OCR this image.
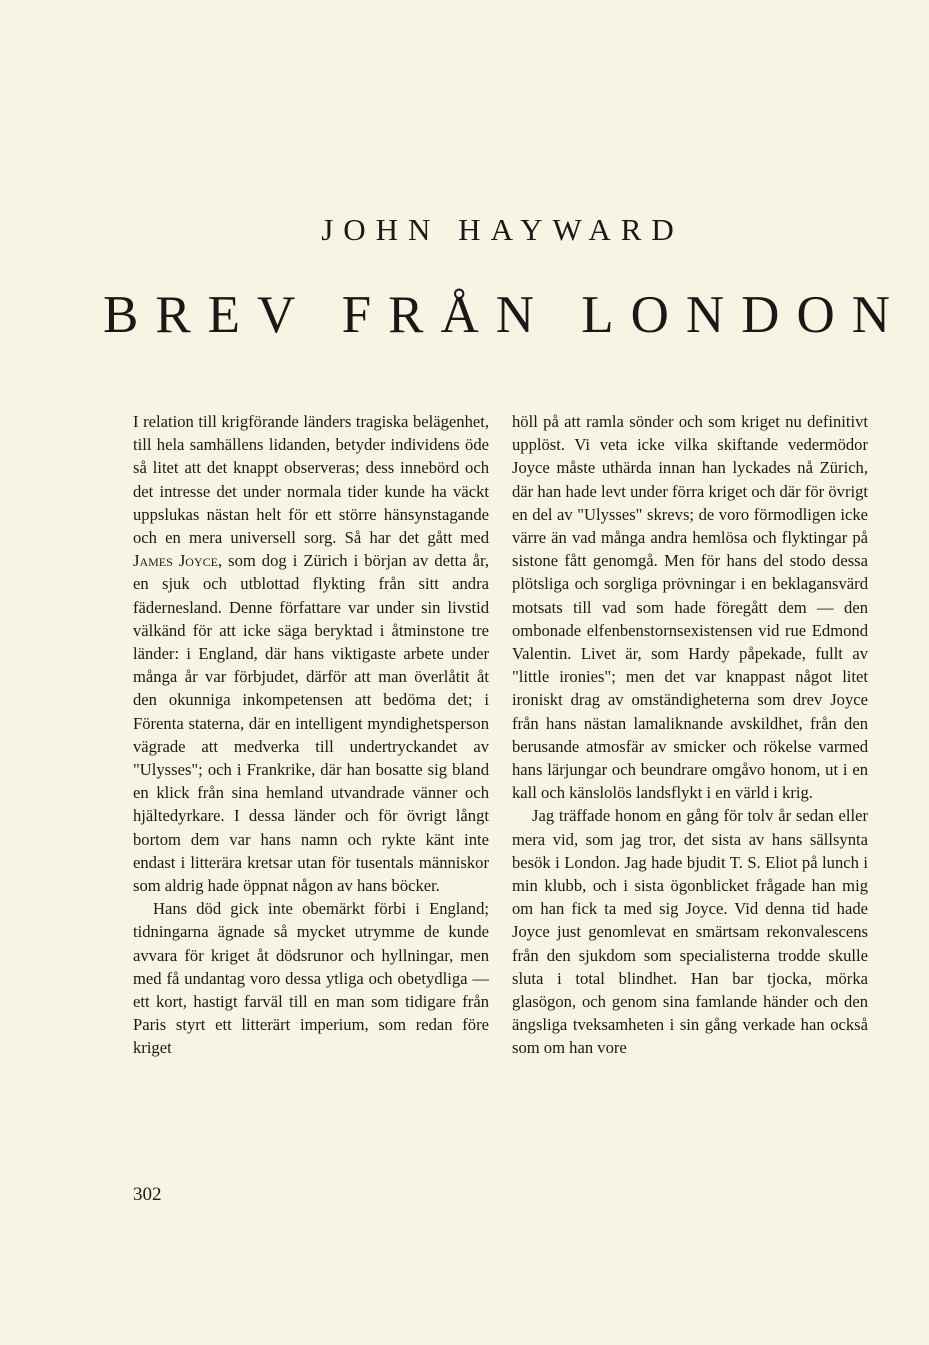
JOHN HAYWARD
BREV FRÅN LONDON

I relation till krigförande länders tragiska belägenhet, till hela samhällens lidanden, betyder individens öde så litet att det knappt observeras; dess innebörd och det intresse det under normala tider kunde ha väckt uppslukas nästan helt för ett större hänsynstagande och en mera universell sorg. Så har det gått med James Joyce, som dog i Zürich i början av detta år, en sjuk och utblottad flykting från sitt andra fädernesland. Denne författare var under sin livstid välkänd för att icke säga beryktad i åtminstone tre länder: i England, där hans viktigaste arbete under många år var förbjudet, därför att man överlåtit åt den okunniga inkompetensen att bedöma det; i Förenta staterna, där en intelligent myndighetsperson vägrade att medverka till undertryckandet av "Ulysses"; och i Frankrike, där han bosatte sig bland en klick från sina hemland utvandrade vänner och hjältedyrkare. I dessa länder och för övrigt långt bortom dem var hans namn och rykte känt inte endast i litterära kretsar utan för tusentals människor som aldrig hade öppnat någon av hans böcker.

Hans död gick inte obemärkt förbi i England; tidningarna ägnade så mycket utrymme de kunde avvara för kriget åt dödsrunor och hyllningar, men med få undantag voro dessa ytliga och obetydliga — ett kort, hastigt farväl till en man som tidigare från Paris styrt ett litterärt imperium, som redan före kriget

höll på att ramla sönder och som kriget nu definitivt upplöst. Vi veta icke vilka skiftande vedermödor Joyce måste uthärda innan han lyckades nå Zürich, där han hade levt under förra kriget och där för övrigt en del av "Ulysses" skrevs; de voro förmodligen icke värre än vad många andra hemlösa och flyktingar på sistone fått genomgå. Men för hans del stodo dessa plötsliga och sorgliga prövningar i en beklagansvärd motsats till vad som hade föregått dem — den ombonade elfenbenstornsexistensen vid rue Edmond Valentin. Livet är, som Hardy påpekade, fullt av "little ironies"; men det var knappast något litet ironiskt drag av omständigheterna som drev Joyce från hans nästan lamaliknande avskildhet, från den berusande atmosfär av smicker och rökelse varmed hans lärjungar och beundrare omgåvo honom, ut i en kall och känslolös landsflykt i en värld i krig.

Jag träffade honom en gång för tolv år sedan eller mera vid, som jag tror, det sista av hans sällsynta besök i London. Jag hade bjudit T. S. Eliot på lunch i min klubb, och i sista ögonblicket frågade han mig om han fick ta med sig Joyce. Vid denna tid hade Joyce just genomlevat en smärtsam rekonvalescens från den sjukdom som specialisterna trodde skulle sluta i total blindhet. Han bar tjocka, mörka glasögon, och genom sina famlande händer och den ängsliga tveksamheten i sin gång verkade han också som om han vore

302
